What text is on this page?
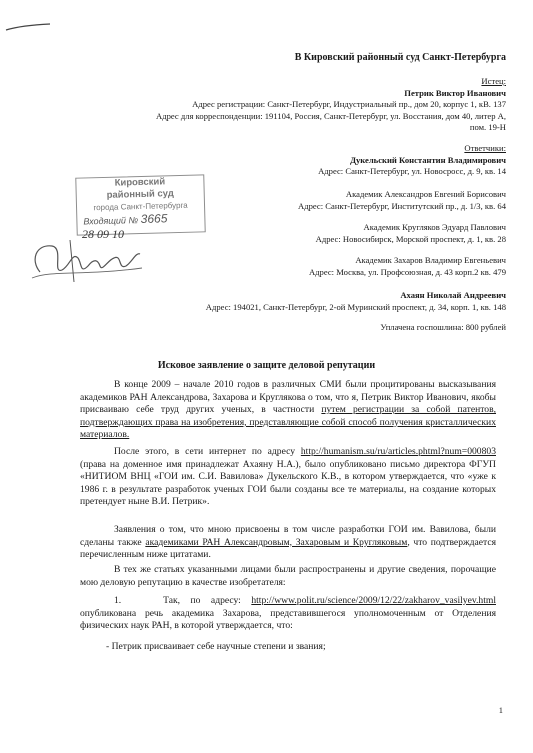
В Кировский районный суд Санкт-Петербурга
Истец:
Петрик Виктор Иванович
Адрес регистрации: Санкт-Петербург, Индустриальный пр., дом 20, корпус 1, кВ. 137
Адрес для корреспонденции: 191104, Россия, Санкт-Петербург, ул. Восстания, дом 40, литер А,
пом. 19-Н
Ответчики:
Дукельский Константин Владимирович
Адрес: Санкт-Петербург, ул. Новосросс, д. 9, кв. 14
Академик Александров Евгений Борисович
Адрес: Санкт-Петербург, Институтский пр., д. 1/3, кв. 64
Академик Кругляков Эдуард Павлович
Адрес: Новосибирск, Морской проспект, д. 1, кв. 28
Академик Захаров Владимир Евгеньевич
Адрес: Москва, ул. Профсоюзная, д. 43 корп.2 кв. 479
Ахаян Николай Андреевич
Адрес: 194021, Санкт-Петербург, 2-ой Муринский проспект, д. 34, корп. 1, кв. 148
Уплачена госпошлина: 800 рублей
Кировский
районный суд
города Санкт-Петербурга
Входящий № 3665
28 09 10
Исковое заявление о защите деловой репутации
В конце 2009 – начале 2010 годов в различных СМИ были процитированы высказывания академиков РАН Александрова, Захарова и Круглякова о том, что я, Петрик Виктор Иванович, якобы присваиваю себе труд других ученых, в частности путем регистрации за собой патентов, подтверждающих права на изобретения, представляющие собой способ получения кристаллических материалов.
После этого, в сети интернет по адресу http://humanism.su/ru/articles.phtml?num=000803 (права на доменное имя принадлежат Ахаяну Н.А.), было опубликовано письмо директора ФГУП «НИТИОМ ВНЦ «ГОИ им. С.И. Вавилова» Дукельского К.В., в котором утверждается, что «уже к 1986 г. в результате разработок ученых ГОИ были созданы все те материалы, на создание которых претендует ныне В.И. Петрик».
Заявления о том, что мною присвоены в том числе разработки ГОИ им. Вавилова, были сделаны также академиками РАН Александровым, Захаровым и Кругляковым, что подтверждается перечисленным ниже цитатами.
В тех же статьях указанными лицами были распространены и другие сведения, порочащие мою деловую репутацию в качестве изобретателя:
1.	Так, по адресу: http://www.polit.ru/science/2009/12/22/zakharov_vasilyev.html опубликована речь академика Захарова, представившегося уполномоченным от Отделения физических наук РАН, в которой утверждается, что:
- Петрик присваивает себе научные степени и звания;
1
